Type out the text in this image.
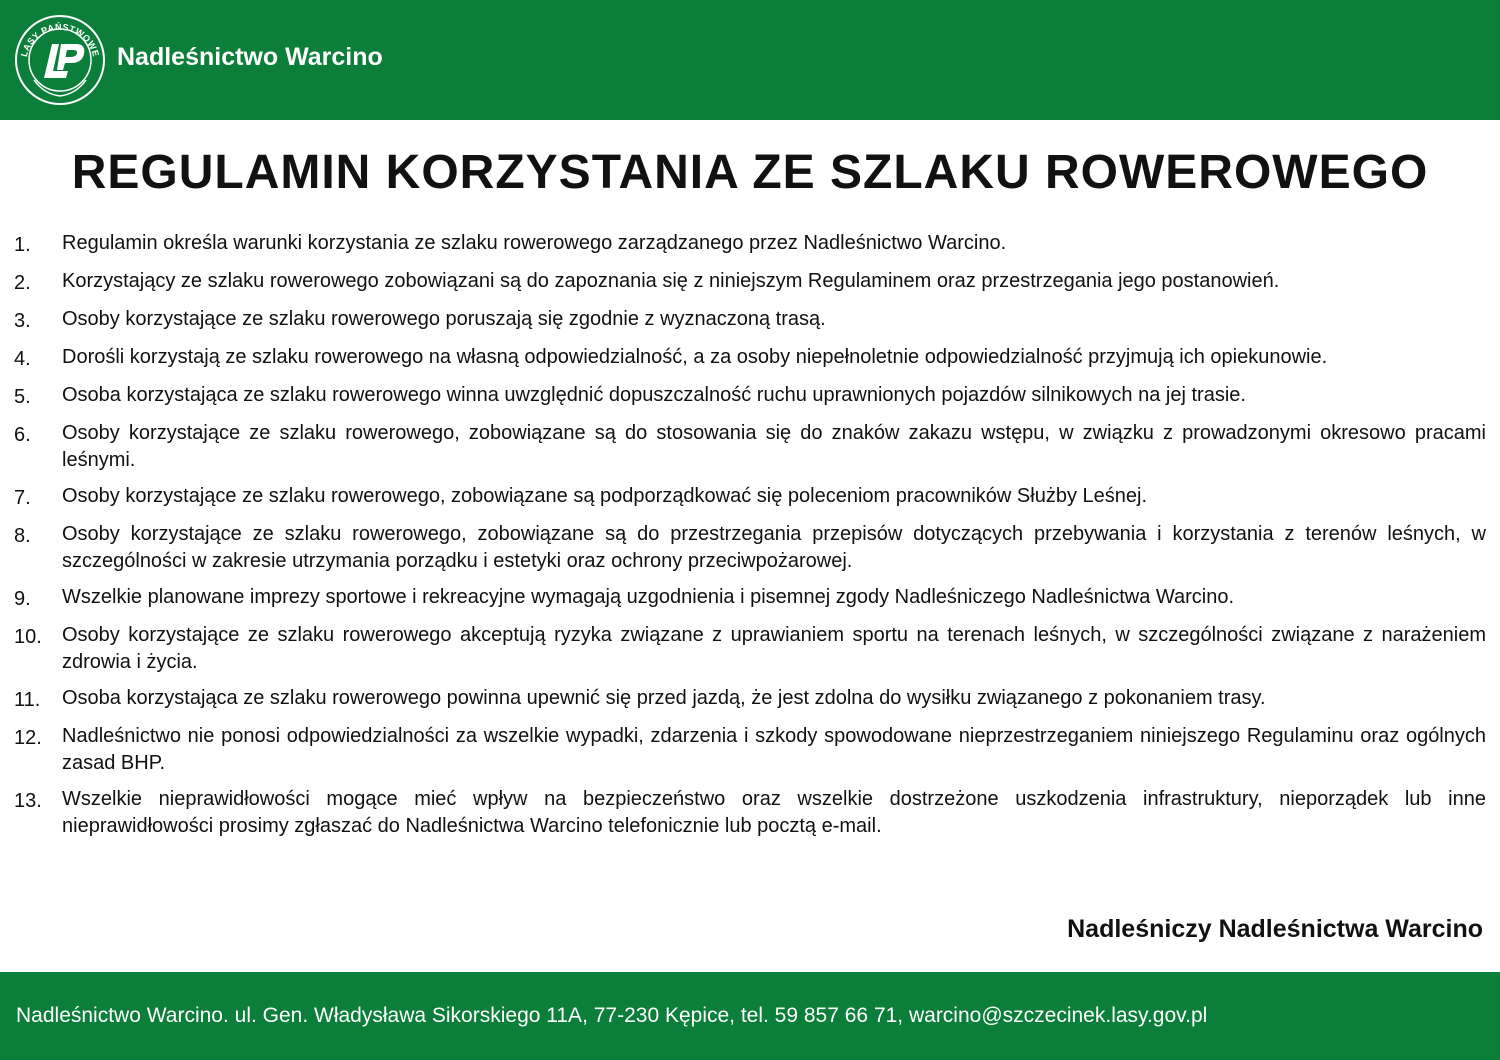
LASY PAŃSTWOWE Nadleśnictwo Warcino
REGULAMIN KORZYSTANIA ZE SZLAKU ROWEROWEGO
1.	Regulamin określa warunki korzystania ze szlaku rowerowego zarządzanego przez Nadleśnictwo Warcino.
2.	Korzystający ze szlaku rowerowego zobowiązani są do zapoznania się z niniejszym Regulaminem oraz przestrzegania jego postanowień.
3.	Osoby korzystające ze szlaku rowerowego poruszają się zgodnie z wyznaczoną trasą.
4.	Dorośli korzystają ze szlaku rowerowego na własną odpowiedzialność, a za osoby niepełnoletnie odpowiedzialność przyjmują ich opiekunowie.
5.	Osoba korzystająca ze szlaku rowerowego winna uwzględnić dopuszczalność ruchu uprawnionych pojazdów silnikowych na jej trasie.
6.	Osoby korzystające ze szlaku rowerowego, zobowiązane są do stosowania się do znaków zakazu wstępu, w związku z prowadzonymi okresowo pracami leśnymi.
7.	Osoby korzystające ze szlaku rowerowego, zobowiązane są podporządkować się poleceniom pracowników Służby Leśnej.
8.	Osoby korzystające ze szlaku rowerowego, zobowiązane są do przestrzegania przepisów dotyczących przebywania i korzystania z terenów leśnych, w szczególności w zakresie utrzymania porządku i estetyki oraz ochrony przeciwpożarowej.
9.	Wszelkie planowane imprezy sportowe i rekreacyjne wymagają uzgodnienia i pisemnej zgody Nadleśniczego Nadleśnictwa Warcino.
10.	Osoby korzystające ze szlaku rowerowego akceptują ryzyka związane z uprawianiem sportu na terenach leśnych, w szczególności związane z narażeniem zdrowia i życia.
11.	Osoba korzystająca ze szlaku rowerowego powinna upewnić się przed jazdą, że jest zdolna do wysiłku związanego z pokonaniem trasy.
12.	Nadleśnictwo nie ponosi odpowiedzialności za wszelkie wypadki, zdarzenia i szkody spowodowane nieprzestrzeganiem niniejszego Regulaminu oraz ogólnych zasad BHP.
13.	Wszelkie nieprawidłowości mogące mieć wpływ na bezpieczeństwo oraz wszelkie dostrzeżone uszkodzenia infrastruktury, nieporządek lub inne nieprawidłowości prosimy zgłaszać do Nadleśnictwa Warcino telefonicznie lub pocztą e-mail.
Nadleśniczy Nadleśnictwa Warcino
Nadleśnictwo Warcino. ul. Gen. Władysława Sikorskiego 11A, 77-230 Kępice, tel. 59 857 66 71, warcino@szczecinek.lasy.gov.pl
